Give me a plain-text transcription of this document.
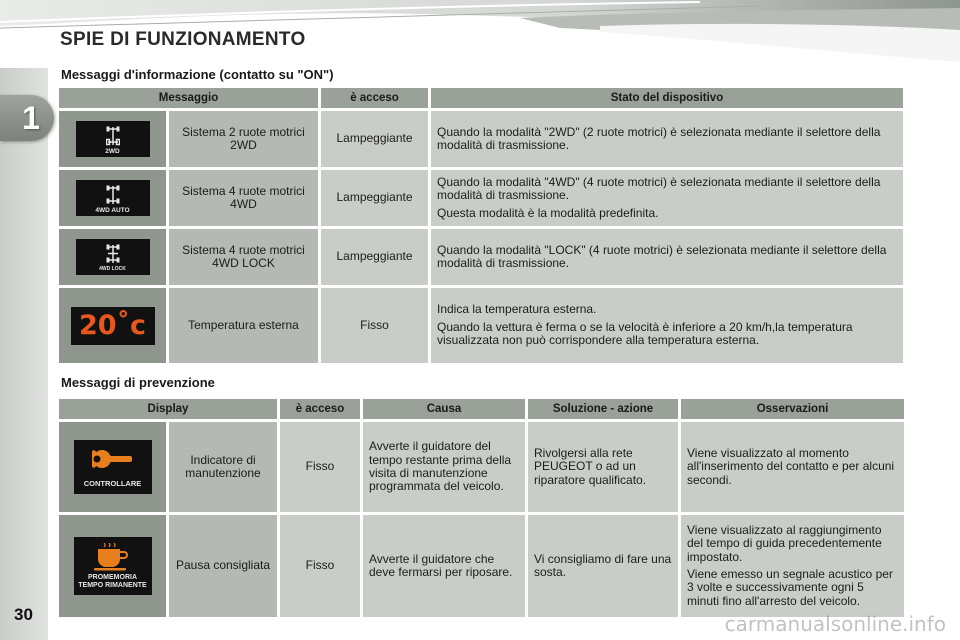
SPIE DI FUNZIONAMENTO
1
30
Messaggi d'informazione (contatto su "ON")
Messaggio		è acceso	Stato del dispositivo

2WD	Sistema 2 ruote motrici 2WD	Lampeggiante	Quando la modalità "2WD" (2 ruote motrici) è selezionata mediante il selettore della modalità di trasmissione.

4WD AUTO	Sistema 4 ruote motrici 4WD	Lampeggiante	Quando la modalità "4WD" (4 ruote motrici) è selezionata mediante il selettore della modalità di trasmissione.

Questa modalità è la modalità predefinita.

4WD LOCK	Sistema 4 ruote motrici 4WD LOCK	Lampeggiante	Quando la modalità "LOCK" (4 ruote motrici) è selezionata mediante il selettore della modalità di trasmissione.

20˚c	Temperatura esterna	Fisso	Indica la temperatura esterna.

Quando la vettura è ferma o se la velocità è inferiore a 20 km/h,la temperatura visualizzata non può corrispondere alla temperatura esterna.

Messaggi di prevenzione
Display		è acceso	Causa	Soluzione - azione	Osservazioni

CONTROLLARE	Indicatore di manutenzione	Fisso	Avverte il guidatore del tempo restante prima della visita di manutenzione programmata del veicolo.	Rivolgersi alla rete PEUGEOT o ad un riparatore qualificato.	Viene visualizzato al momento all'inserimento del contatto e per alcuni secondi.

PROMEMORIA TEMPO RIMANENTE	Pausa consigliata	Fisso	Avverte il guidatore che deve fermarsi per riposare.	Vi consigliamo di fare una sosta.	Viene visualizzato al raggiungimento del tempo di guida precedentemente impostato.

Viene emesso un segnale acustico per 3 volte e successivamente ogni 5 minuti fino all'arresto del veicolo.

carmanualsonline.info
